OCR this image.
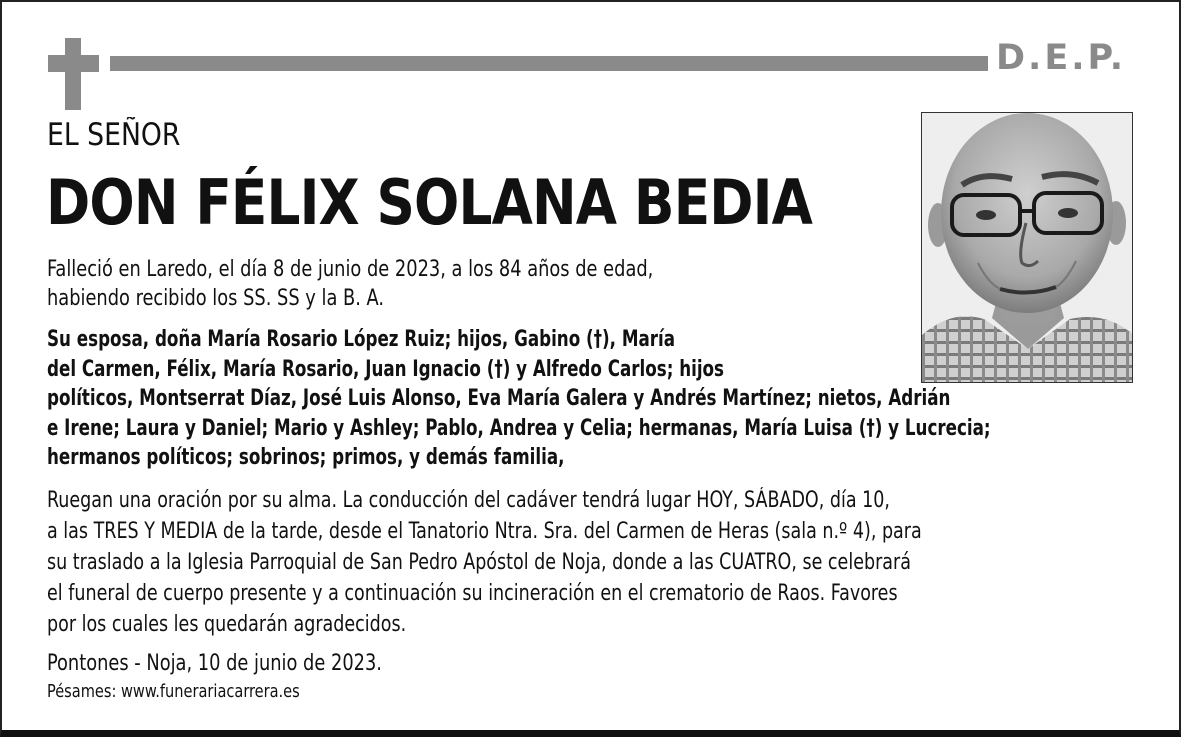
D.E.P.
EL SEÑOR
DON FÉLIX SOLANA BEDIA
Falleció en Laredo, el día 8 de junio de 2023, a los 84 años de edad,
habiendo recibido los SS. SS y la B. A.
Su esposa, doña María Rosario López Ruiz; hijos, Gabino (†), María
del Carmen, Félix, María Rosario, Juan Ignacio (†) y Alfredo Carlos; hijos
políticos, Montserrat Díaz, José Luis Alonso, Eva María Galera y Andrés Martínez; nietos, Adrián
e Irene; Laura y Daniel; Mario y Ashley; Pablo, Andrea y Celia; hermanas, María Luisa (†) y Lucrecia;
hermanos políticos; sobrinos; primos, y demás familia,
Ruegan una oración por su alma. La conducción del cadáver tendrá lugar HOY, SÁBADO, día 10,
a las TRES Y MEDIA de la tarde, desde el Tanatorio Ntra. Sra. del Carmen de Heras (sala n.º 4), para
su traslado a la Iglesia Parroquial de San Pedro Apóstol de Noja, donde a las CUATRO, se celebrará
el funeral de cuerpo presente y a continuación su incineración en el crematorio de Raos. Favores
por los cuales les quedarán agradecidos.
Pontones - Noja, 10 de junio de 2023.
Pésames: www.funerariacarrera.es
